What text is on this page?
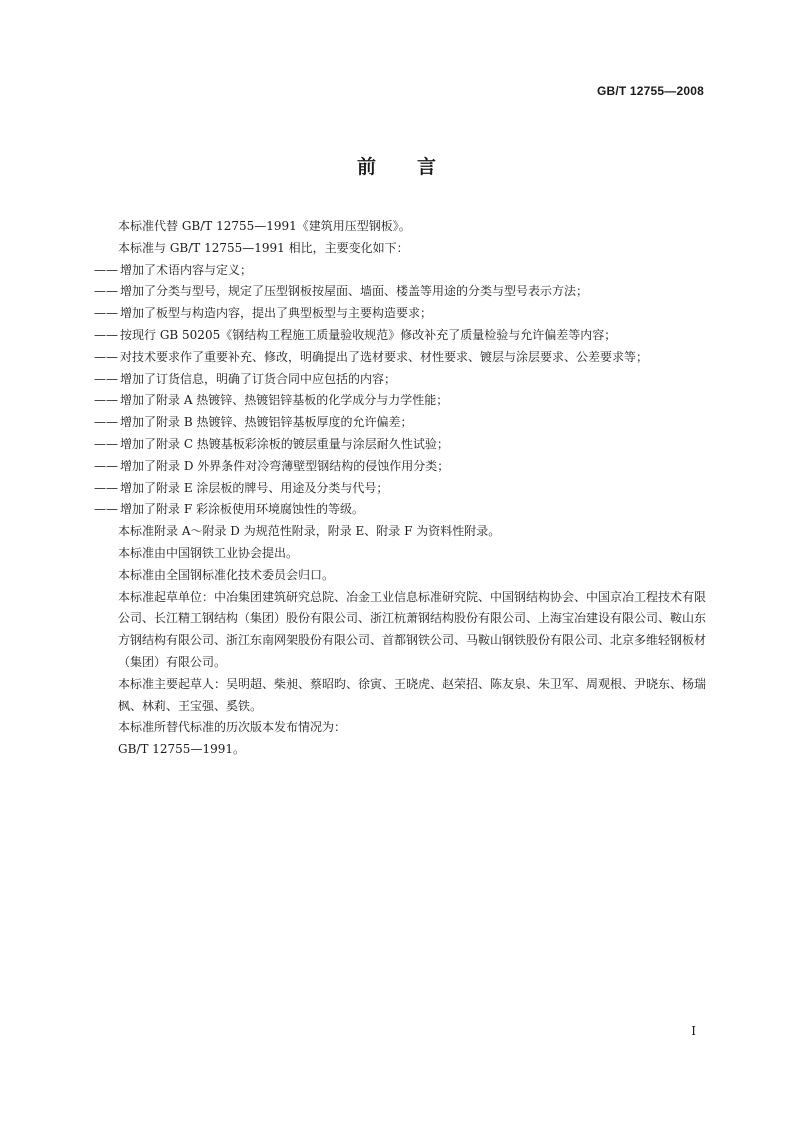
GB/T 12755—2008
前 言

本标准代替 GB/T 12755—1991《建筑用压型钢板》。

本标准与 GB/T 12755—1991 相比，主要变化如下：

—— 增加了术语内容与定义；
—— 增加了分类与型号，规定了压型钢板按屋面、墙面、楼盖等用途的分类与型号表示方法；
—— 增加了板型与构造内容，提出了典型板型与主要构造要求；
—— 按现行 GB 50205《钢结构工程施工质量验收规范》修改补充了质量检验与允许偏差等内容；
—— 对技术要求作了重要补充、修改，明确提出了选材要求、材性要求、镀层与涂层要求、公差要求等；
—— 增加了订货信息，明确了订货合同中应包括的内容；
—— 增加了附录 A 热镀锌、热镀铝锌基板的化学成分与力学性能；
—— 增加了附录 B 热镀锌、热镀铝锌基板厚度的允许偏差；
—— 增加了附录 C 热镀基板彩涂板的镀层重量与涂层耐久性试验；
—— 增加了附录 D 外界条件对冷弯薄壁型钢结构的侵蚀作用分类；
—— 增加了附录 E 涂层板的牌号、用途及分类与代号；
—— 增加了附录 F 彩涂板使用环境腐蚀性的等级。

本标准附录 A～附录 D 为规范性附录，附录 E、附录 F 为资料性附录。

本标准由中国钢铁工业协会提出。

本标准由全国钢标准化技术委员会归口。

本标准起草单位：中冶集团建筑研究总院、冶金工业信息标准研究院、中国钢结构协会、中国京冶工程技术有限公司、长江精工钢结构（集团）股份有限公司、浙江杭萧钢结构股份有限公司、上海宝冶建设有限公司、鞍山东方钢结构有限公司、浙江东南网架股份有限公司、首都钢铁公司、马鞍山钢铁股份有限公司、北京多维轻钢板材（集团）有限公司。

本标准主要起草人：吴明超、柴昶、蔡昭昀、徐寅、王晓虎、赵荣招、陈友泉、朱卫军、周观根、尹晓东、杨瑞枫、林莉、王宝强、奚铁。

本标准所替代标准的历次版本发布情况为：

GB/T 12755—1991。

I
